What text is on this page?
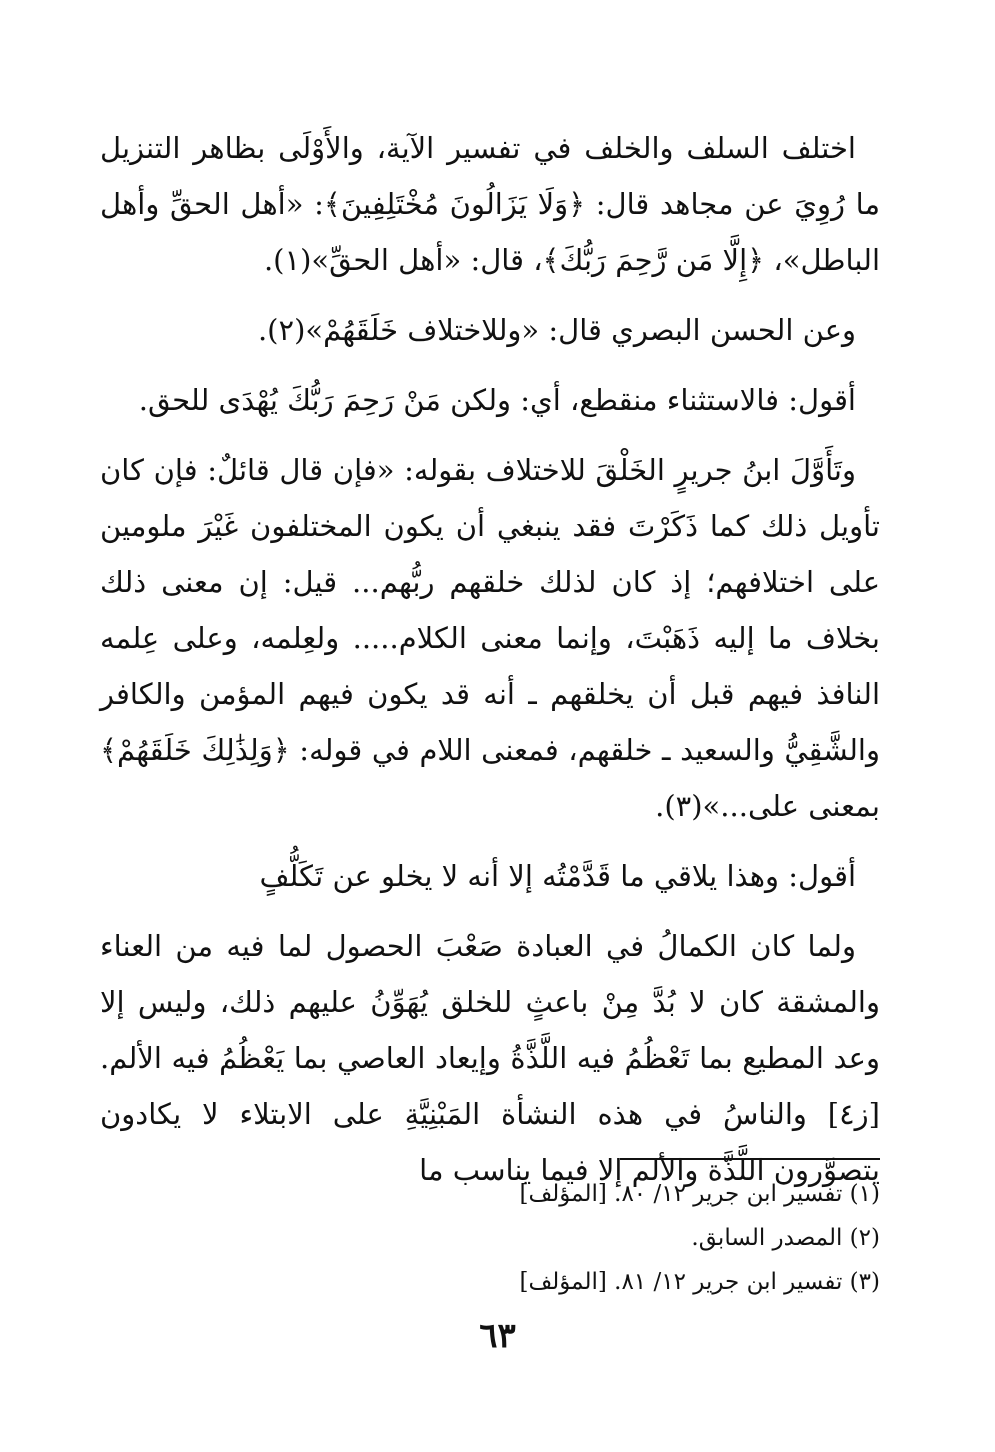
اختلف السلف والخلف في تفسير الآية، والأَوْلَى بظاهر التنزيل ما رُوِيَ عن مجاهد قال: ﴿وَلَا يَزَالُونَ مُخْتَلِفِينَ﴾: «أهل الحقِّ وأهل الباطل»، ﴿إِلَّا مَن رَّحِمَ رَبُّكَ﴾، قال: «أهل الحقِّ»(١).

وعن الحسن البصري قال: «وللاختلاف خَلَقَهُمْ»(٢).

أقول: فالاستثناء منقطع، أي: ولكن مَنْ رَحِمَ رَبُّكَ يُهْدَى للحق.

وتَأَوَّلَ ابنُ جريرٍ الخَلْقَ للاختلاف بقوله: «فإن قال قائلٌ: فإن كان تأويل ذلك كما ذَكَرْتَ فقد ينبغي أن يكون المختلفون غَيْرَ ملومين على اختلافهم؛ إذ كان لذلك خلقهم ربُّهم... قيل: إن معنى ذلك بخلاف ما إليه ذَهَبْتَ، وإنما معنى الكلام..... ولعِلمه، وعلى عِلمه النافذ فيهم قبل أن يخلقهم ـ أنه قد يكون فيهم المؤمن والكافر والشَّقِيُّ والسعيد ـ خلقهم، فمعنى اللام في قوله: ﴿وَلِذَٰلِكَ خَلَقَهُمْ﴾ بمعنى على...»(٣).

أقول: وهذا يلاقي ما قَدَّمْتُه إلا أنه لا يخلو عن تَكَلُّفٍ

ولما كان الكمالُ في العبادة صَعْبَ الحصول لما فيه من العناء والمشقة كان لا بُدَّ مِنْ باعثٍ للخلق يُهَوِّنُ عليهم ذلك، وليس إلا وعد المطيع بما تَعْظُمُ فيه اللَّذَّةُ وإيعاد العاصي بما يَعْظُمُ فيه الألم. [ز٤] والناسُ في هذه النشأة المَبْنِيَّةِ على الابتلاء لا يكادون يتصوَّرون اللَّذَّة والألم إلا فيما يناسب ما

(١) تفسير ابن جرير ١٢/ ٨٠. [المؤلف]

(٢) المصدر السابق.

(٣) تفسير ابن جرير ١٢/ ٨١. [المؤلف]

٦٣
